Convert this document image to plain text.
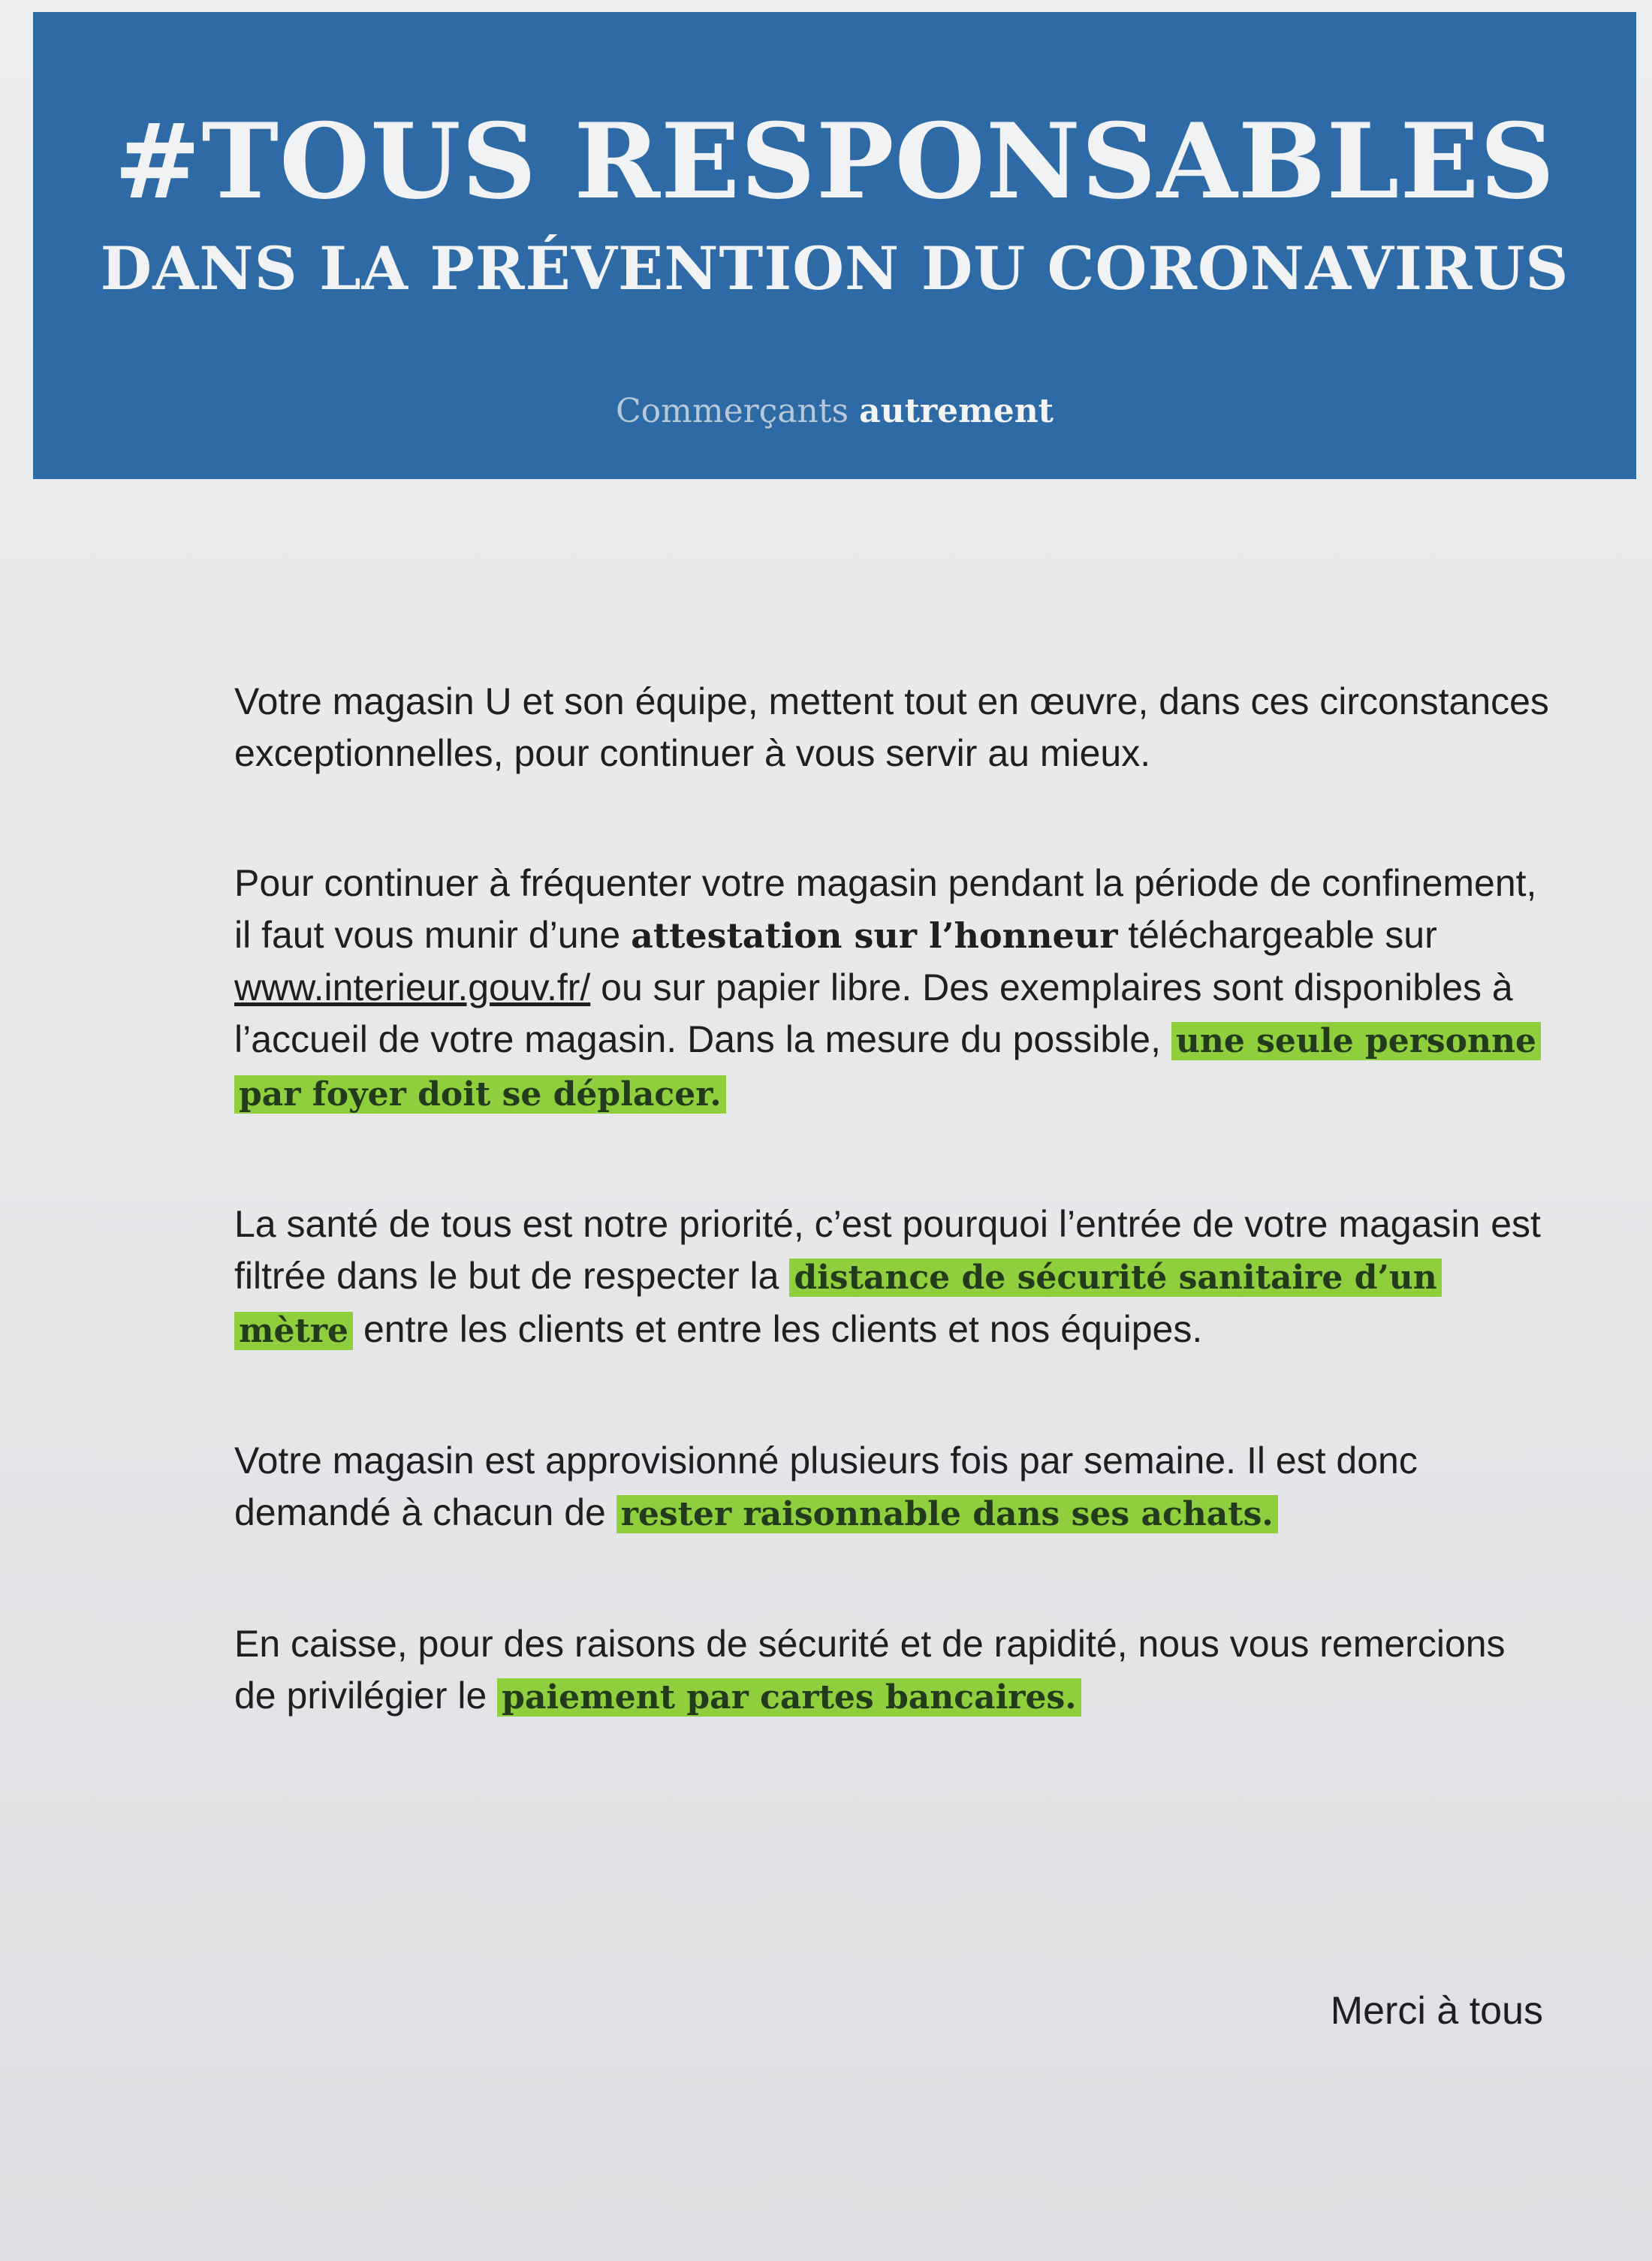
#TOUS RESPONSABLES
DANS LA PRÉVENTION DU CORONAVIRUS
Commerçants autrement

Votre magasin U et son équipe, mettent tout en œuvre, dans ces circonstances exceptionnelles, pour continuer à vous servir au mieux.

Pour continuer à fréquenter votre magasin pendant la période de confinement, il faut vous munir d’une attestation sur l’honneur téléchargeable sur www.interieur.gouv.fr/ ou sur papier libre. Des exemplaires sont disponibles à l’accueil de votre magasin. Dans la mesure du possible, une seule personne par foyer doit se déplacer.

La santé de tous est notre priorité, c’est pourquoi l’entrée de votre magasin est filtrée dans le but de respecter la distance de sécurité sanitaire d’un mètre entre les clients et entre les clients et nos équipes.

Votre magasin est approvisionné plusieurs fois par semaine. Il est donc demandé à chacun de rester raisonnable dans ses achats.

En caisse, pour des raisons de sécurité et de rapidité, nous vous remercions de privilégier le paiement par cartes bancaires.

Merci à tous
